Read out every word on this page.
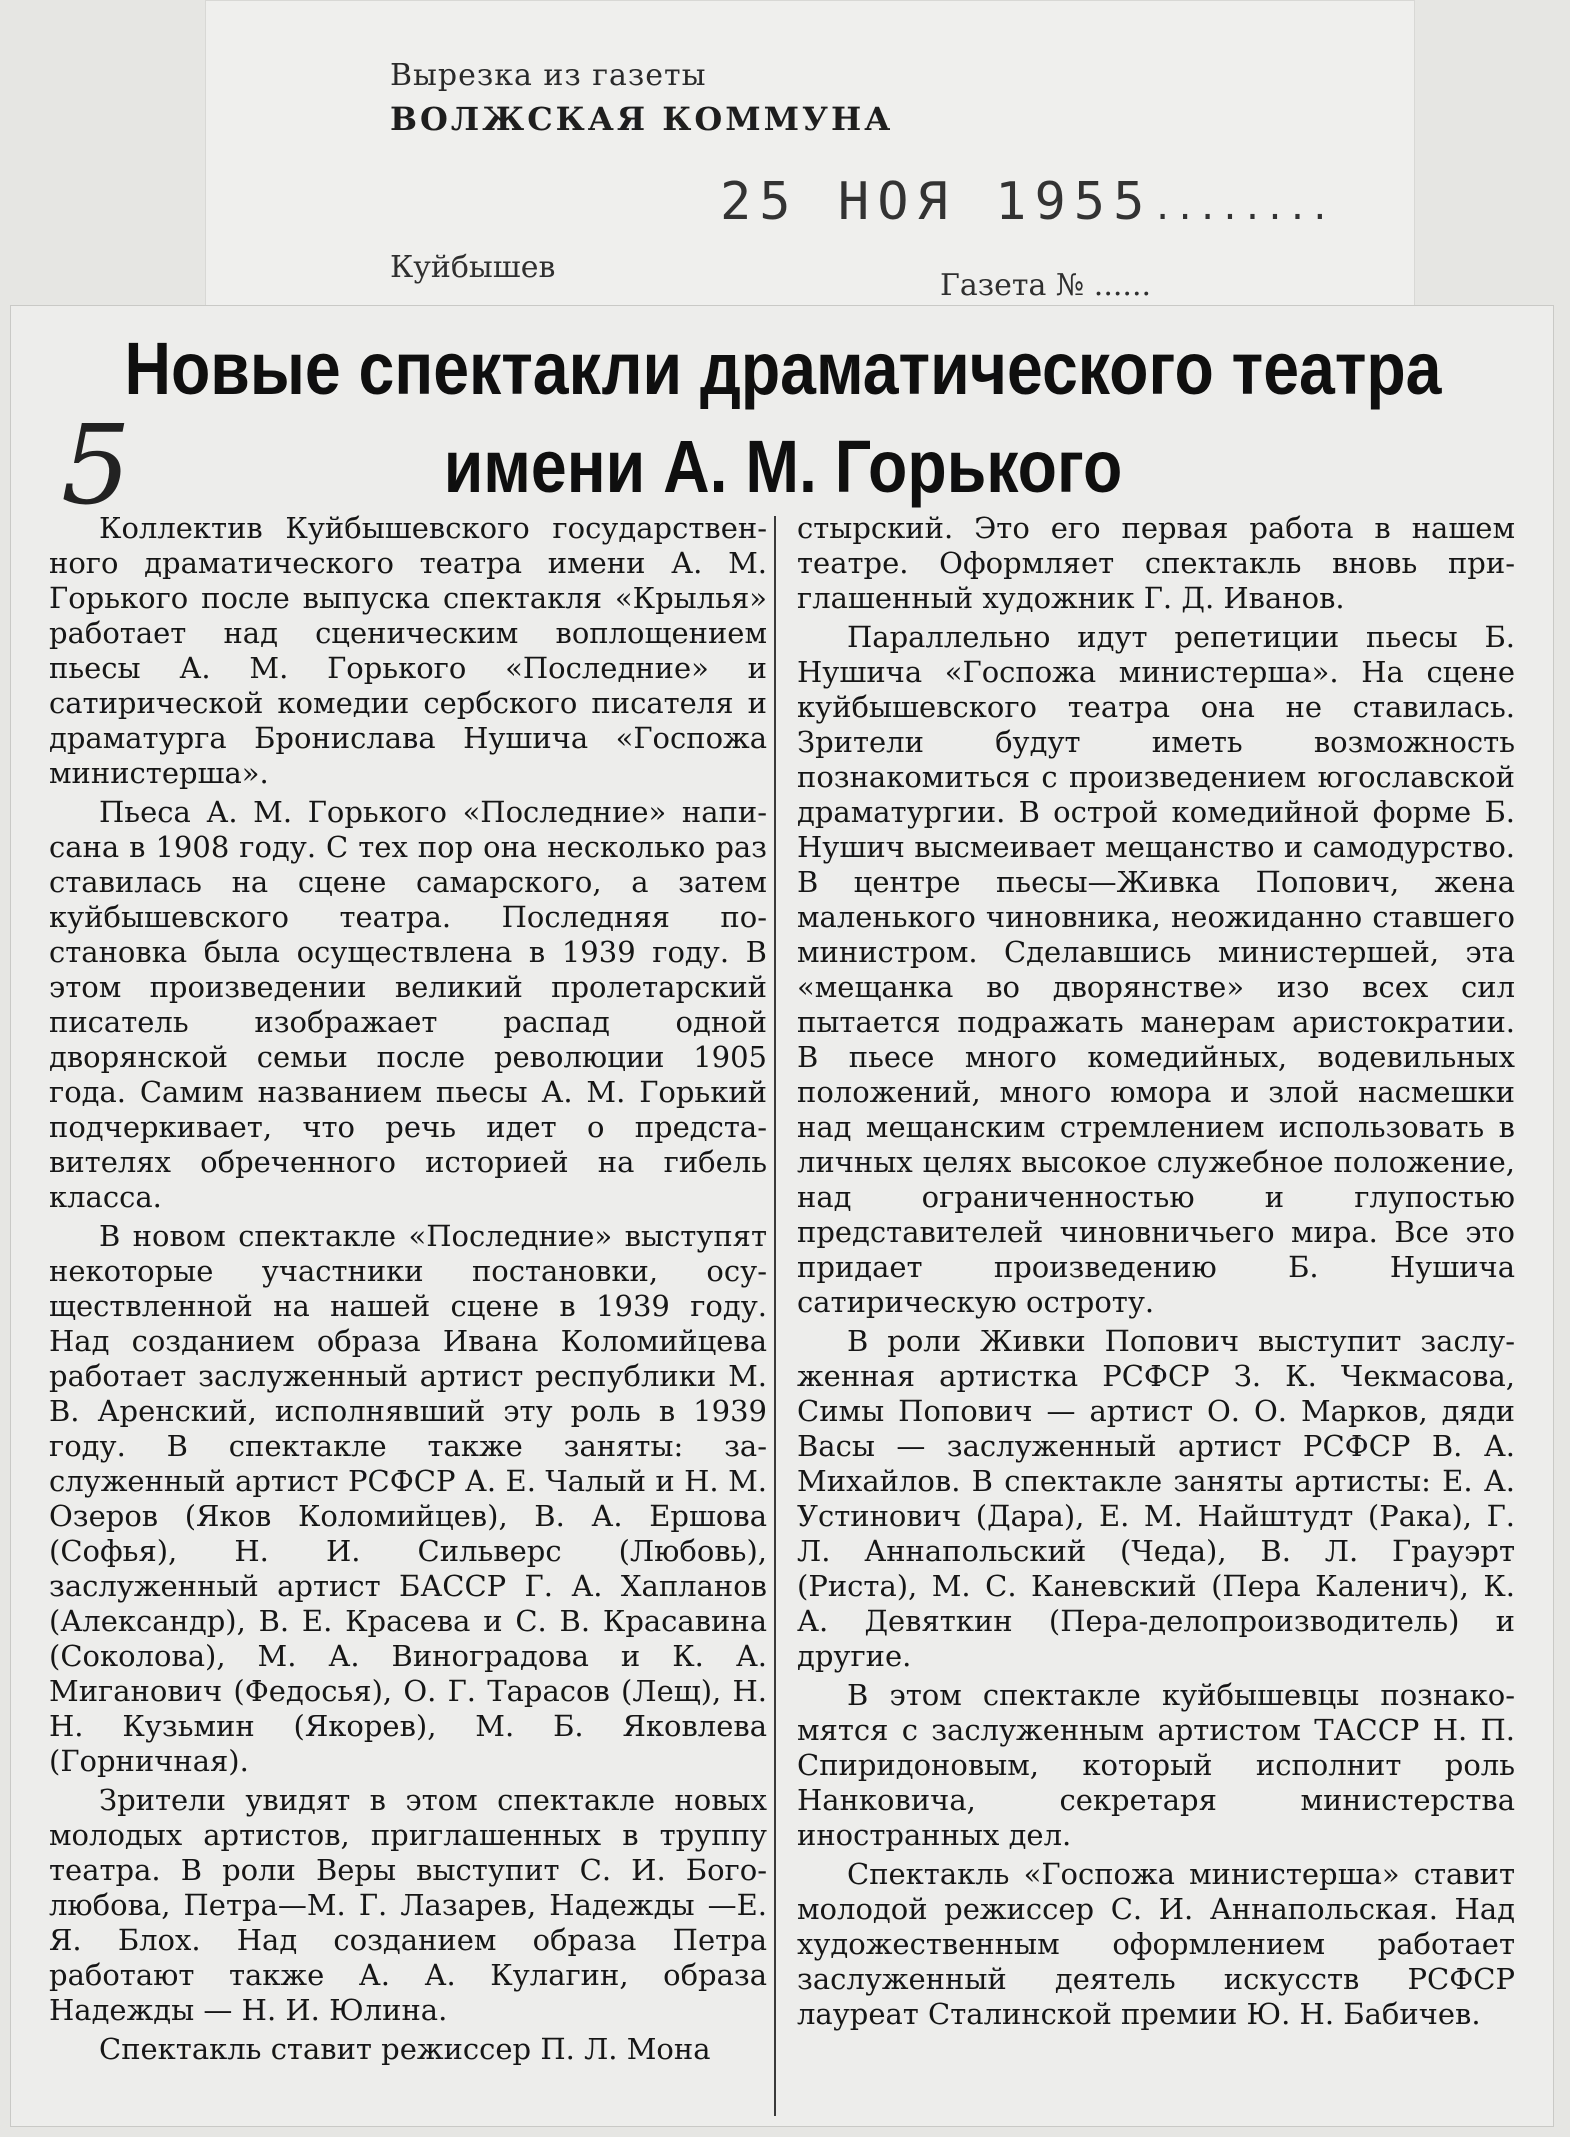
Вырезка из газеты
ВОЛЖСКАЯ КОММУНА
25 НОЯ 1955........
Куйбышев
Газета № ......
Новые спектакли драматического театра
имени А. М. Горького
5

Коллектив Куйбышевского государственного драматического театра имени А. М. Горького после выпуска спектакля «Крылья» работает над сценическим воплощением пьесы А. М. Горького «Последние» и сатирической комедии сербского писателя и драматурга Бронислава Нушича «Госпожа министерша».

Пьеса А. М. Горького «Последние» написана в 1908 году. С тех пор она несколько раз ставилась на сцене самарского, а затем куйбышевского театра. Последняя постановка была осуществлена в 1939 году. В этом произведении великий пролетарский писатель изображает распад одной дворянской семьи после революции 1905 года. Самим названием пьесы А. М. Горький подчеркивает, что речь идет о представителях обреченного историей на гибель класса.

В новом спектакле «Последние» выступят некоторые участники постановки, осуществленной на нашей сцене в 1939 году. Над созданием образа Ивана Коломийцева работает заслуженный артист республики М. В. Аренский, исполнявший эту роль в 1939 году. В спектакле также заняты: заслуженный артист РСФСР А. Е. Чалый и Н. М. Озеров (Яков Коломийцев), В. А. Ершова (Софья), Н. И. Сильверс (Любовь), заслуженный артист БАССР Г. А. Хапланов (Александр), В. Е. Красева и С. В. Красавина (Соколова), М. А. Виноградова и К. А. Миганович (Федосья), О. Г. Тарасов (Лещ), Н. Н. Кузьмин (Якорев), М. Б. Яковлева (Горничная).

Зрители увидят в этом спектакле новых молодых артистов, приглашенных в труппу театра. В роли Веры выступит С. И. Боголюбова, Петра—М. Г. Лазарев, Надежды —Е. Я. Блох. Над созданием образа Петра работают также А. А. Кулагин, образа Надежды — Н. И. Юлина.

Спектакль ставит режиссер П. Л. Мона

стырский. Это его первая работа в нашем театре. Оформляет спектакль вновь приглашенный художник Г. Д. Иванов.

Параллельно идут репетиции пьесы Б. Нушича «Госпожа министерша». На сцене куйбышевского театра она не ставилась. Зрители будут иметь возможность познакомиться с произведением югославской драматургии. В острой комедийной форме Б. Нушич высмеивает мещанство и самодурство. В центре пьесы—Живка Попович, жена маленького чиновника, неожиданно ставшего министром. Сделавшись министершей, эта «мещанка во дворянстве» изо всех сил пытается подражать манерам аристократии. В пьесе много комедийных, водевильных положений, много юмора и злой насмешки над мещанским стремлением использовать в личных целях высокое служебное положение, над ограниченностью и глупостью представителей чиновничьего мира. Все это придает произведению Б. Нушича сатирическую остроту.

В роли Живки Попович выступит заслуженная артистка РСФСР З. К. Чекмасова, Симы Попович — артист О. О. Марков, дяди Васы — заслуженный артист РСФСР В. А. Михайлов. В спектакле заняты артисты: Е. А. Устинович (Дара), Е. М. Найштудт (Рака), Г. Л. Аннапольский (Чеда), В. Л. Грауэрт (Риста), М. С. Каневский (Пера Каленич), К. А. Девяткин (Пера-делопроизводитель) и другие.

В этом спектакле куйбышевцы познакомятся с заслуженным артистом ТАССР Н. П. Спиридоновым, который исполнит роль Нанковича, секретаря министерства иностранных дел.

Спектакль «Госпожа министерша» ставит молодой режиссер С. И. Аннапольская. Над художественным оформлением работает заслуженный деятель искусств РСФСР лауреат Сталинской премии Ю. Н. Бабичев.
